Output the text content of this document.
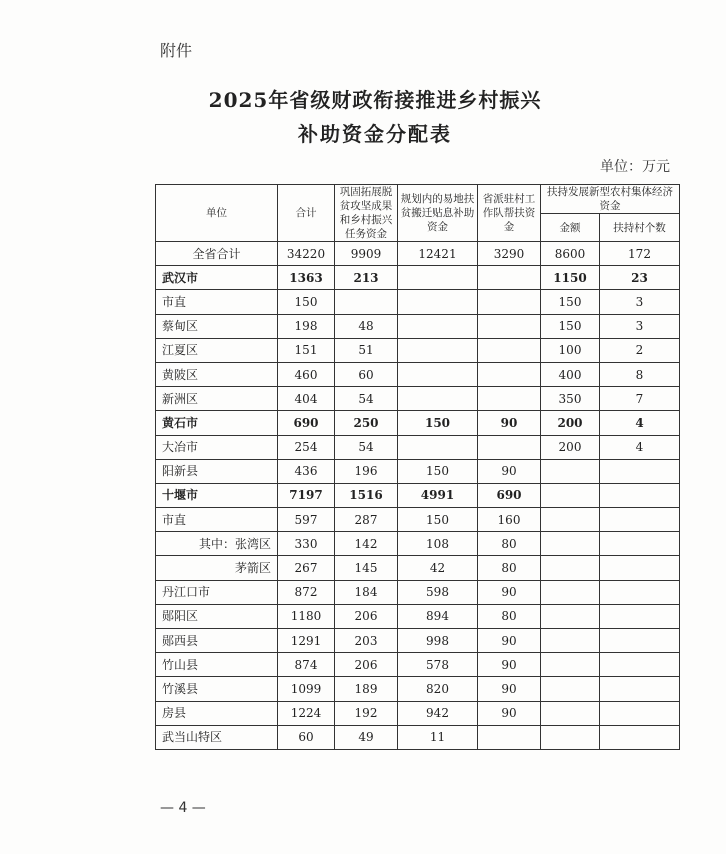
附件
2025年省级财政衔接推进乡村振兴
补助资金分配表
单位：万元
单位	合计	巩固拓展脱贫攻坚成果和乡村振兴任务资金	规划内的易地扶贫搬迁贴息补助资金	省派驻村工作队帮扶资金	扶持发展新型农村集体经济资金	
					金额	扶持村个数
全省合计	34220	9909	12421	3290	8600	172
武汉市	1363	213			1150	23
市直	150				150	3
蔡甸区	198	48			150	3
江夏区	151	51			100	2
黄陂区	460	60			400	8
新洲区	404	54			350	7
黄石市	690	250	150	90	200	4
大冶市	254	54			200	4
阳新县	436	196	150	90		
十堰市	7197	1516	4991	690		
市直	597	287	150	160		
其中：张湾区	330	142	108	80		
茅箭区	267	145	42	80		
丹江口市	872	184	598	90		
郧阳区	1180	206	894	80		
郧西县	1291	203	998	90		
竹山县	874	206	578	90		
竹溪县	1099	189	820	90		
房县	1224	192	942	90		
武当山特区	60	49	11			
— 4 —
